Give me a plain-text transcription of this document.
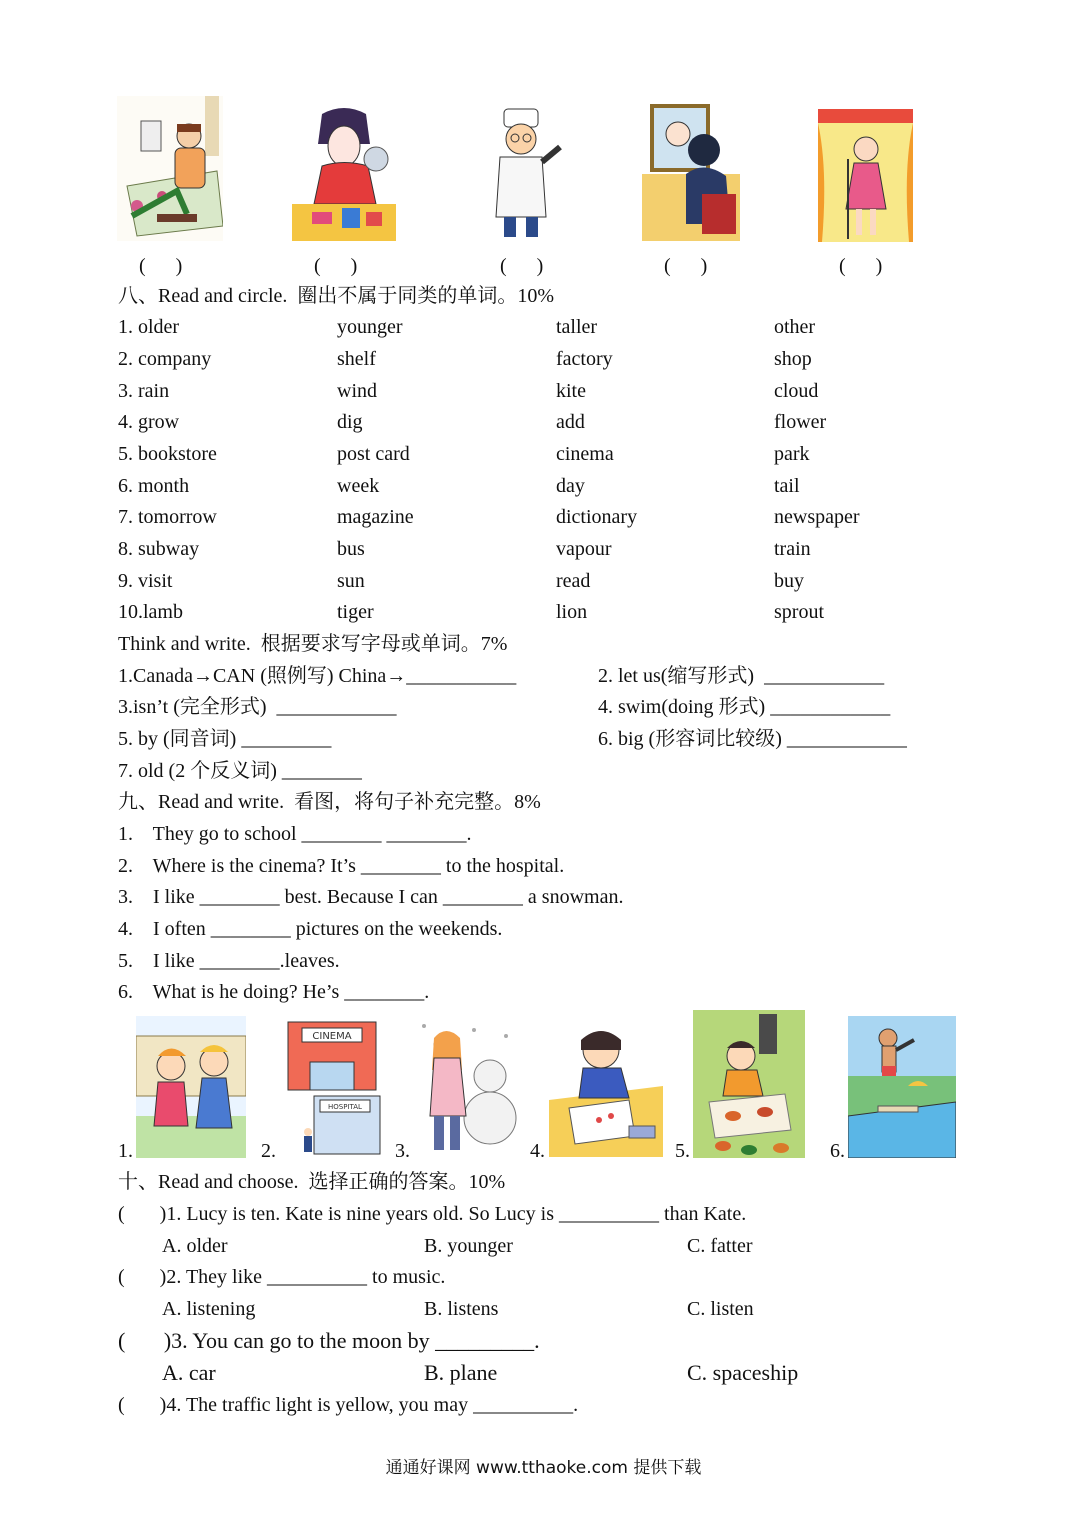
(      )	(      )	(      )	(      )	(      )
八、Read and circle.  圈出不属于同类的单词。10%
1. older	younger	taller	other
2. company	shelf	factory	shop
3. rain	wind	kite	cloud
4. grow	dig	add	flower
5. bookstore	post card	cinema	park
6. month	week	day	tail
7. tomorrow	magazine	dictionary	newspaper
8. subway	bus	vapour	train
9. visit	sun	read	buy
10.lamb	tiger	lion	sprout
Think and write.  根据要求写字母或单词。7%
1.Canada→CAN (照例写) China→___________	2. let us(缩写形式)  ____________
3.isn’t (完全形式)  ____________	4. swim(doing 形式) ____________
5. by (同音词) _________	6. big (形容词比较级) ____________
7. old (2 个反义词) ________
九、Read and write.  看图，将句子补充完整。8%
1.    They go to school ________ ________.
2.    Where is the cinema? It’s ________ to the hospital.
3.    I like ________ best. Because I can ________ a snowman.
4.    I often ________ pictures on the weekends.
5.    I like ________.leaves.
6.    What is he doing? He’s ________.
1.	2.
CINEMA
HOSPITAL
3.	4.	5.	6.
十、Read and choose.  选择正确的答案。10%
(       )1. Lucy is ten. Kate is nine years old. So Lucy is __________ than Kate.
A. older	B. younger	C. fatter
(       )2. They like __________ to music.
A. listening	B. listens	C. listen
(       )3. You can go to the moon by _________.
A. car	B. plane	C. spaceship
(       )4. The traffic light is yellow, you may __________.
通通好课网 www.tthaoke.com 提供下载
